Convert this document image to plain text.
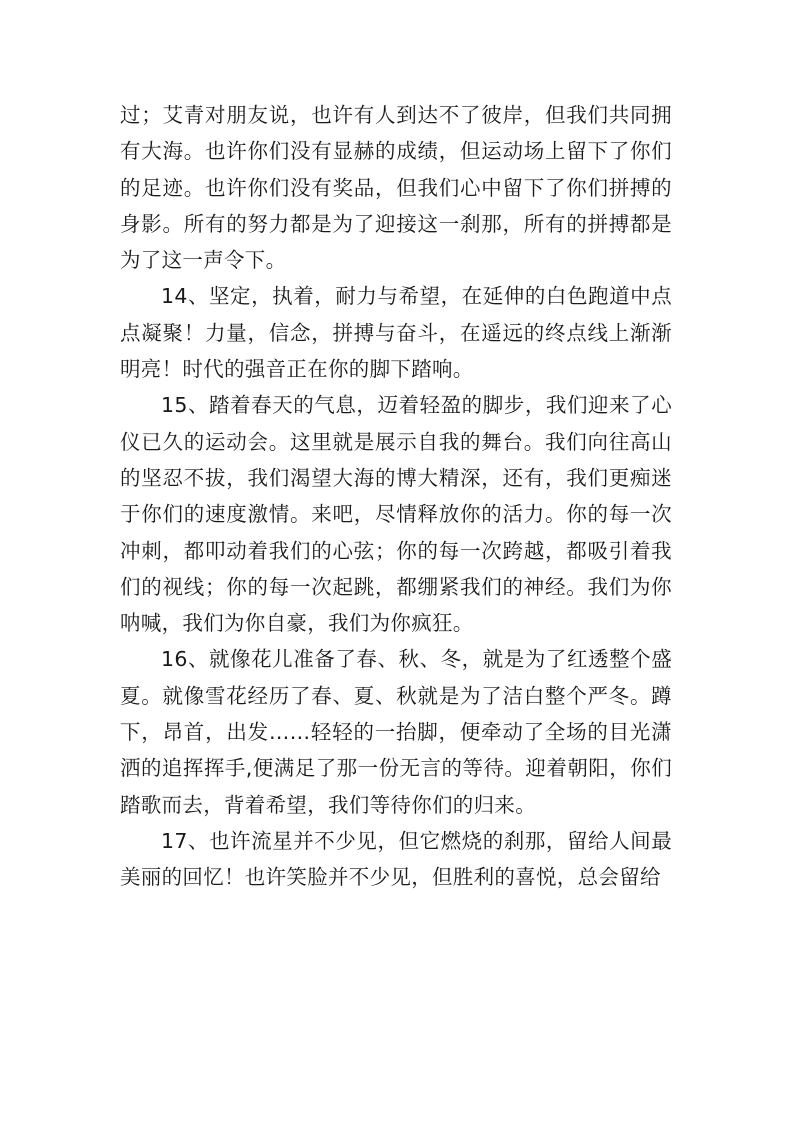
过；艾青对朋友说，也许有人到达不了彼岸，但我们共同拥有大海。也许你们没有显赫的成绩，但运动场上留下了你们的足迹。也许你们没有奖品，但我们心中留下了你们拼搏的身影。所有的努力都是为了迎接这一刹那，所有的拼搏都是为了这一声令下。

14、坚定，执着，耐力与希望，在延伸的白色跑道中点点凝聚！力量，信念，拼搏与奋斗，在遥远的终点线上渐渐明亮！时代的强音正在你的脚下踏响。

15、踏着春天的气息，迈着轻盈的脚步，我们迎来了心仪已久的运动会。这里就是展示自我的舞台。我们向往高山的坚忍不拔，我们渴望大海的博大精深，还有，我们更痴迷于你们的速度激情。来吧，尽情释放你的活力。你的每一次冲刺，都叩动着我们的心弦；你的每一次跨越，都吸引着我们的视线；你的每一次起跳，都绷紧我们的神经。我们为你呐喊，我们为你自豪，我们为你疯狂。

16、就像花儿准备了春、秋、冬，就是为了红透整个盛夏。就像雪花经历了春、夏、秋就是为了洁白整个严冬。蹲下，昂首，出发……轻轻的一抬脚，便牵动了全场的目光潇洒的追挥挥手,便满足了那一份无言的等待。迎着朝阳，你们踏歌而去，背着希望，我们等待你们的归来。

17、也许流星并不少见，但它燃烧的刹那，留给人间最美丽的回忆！也许笑脸并不少见，但胜利的喜悦，总会留给
